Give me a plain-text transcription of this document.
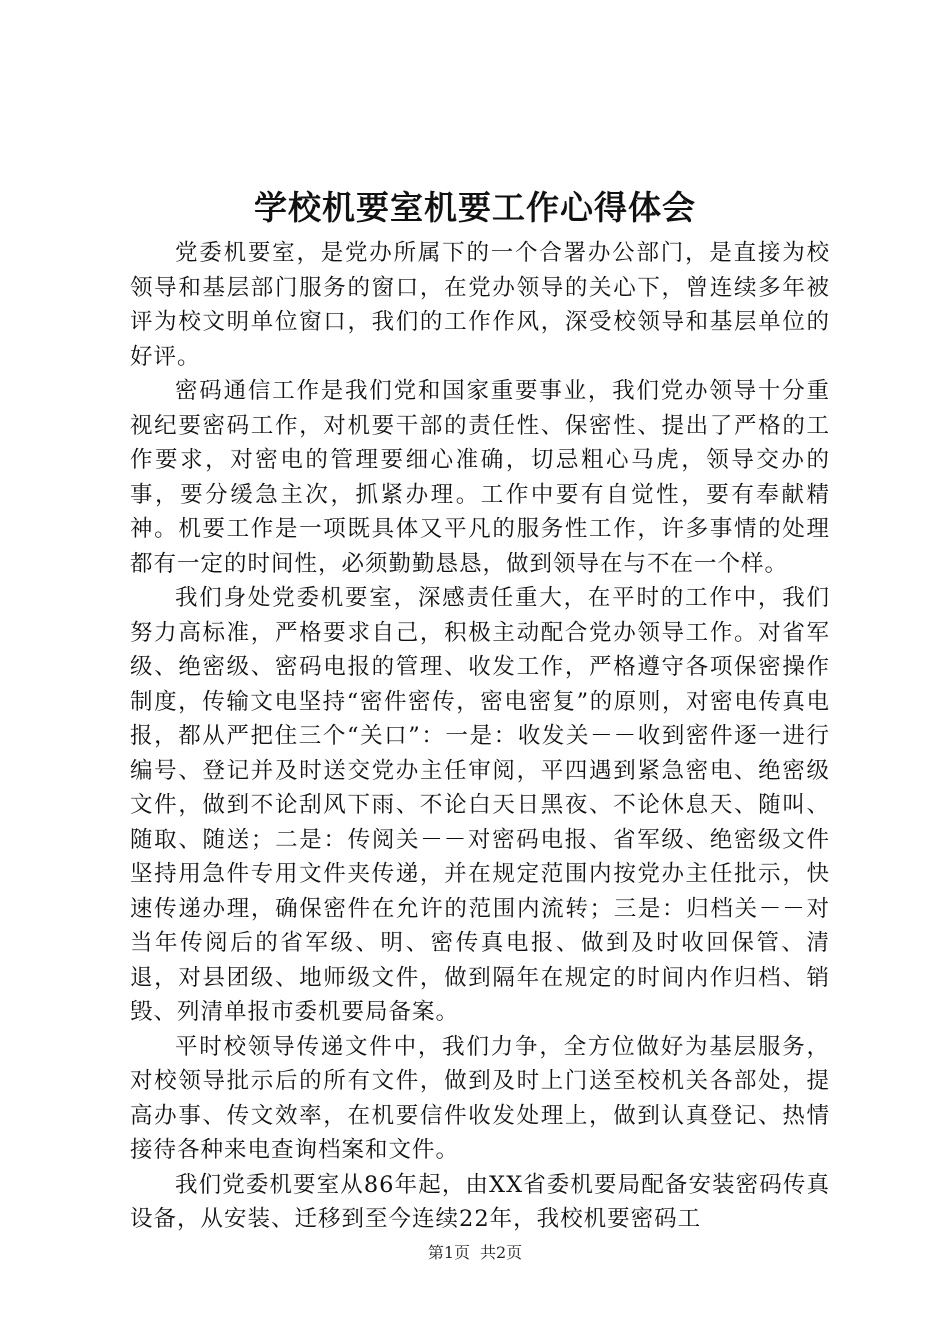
学校机要室机要工作心得体会

党委机要室，是党办所属下的一个合署办公部门，是直接为校领导和基层部门服务的窗口，在党办领导的关心下，曾连续多年被评为校文明单位窗口，我们的工作作风，深受校领导和基层单位的好评。

密码通信工作是我们党和国家重要事业，我们党办领导十分重视纪要密码工作，对机要干部的责任性、保密性、提出了严格的工作要求，对密电的管理要细心准确，切忌粗心马虎，领导交办的事，要分缓急主次，抓紧办理。工作中要有自觉性，要有奉献精神。机要工作是一项既具体又平凡的服务性工作，许多事情的处理都有一定的时间性，必须勤勤恳恳，做到领导在与不在一个样。

我们身处党委机要室，深感责任重大，在平时的工作中，我们努力高标准，严格要求自己，积极主动配合党办领导工作。对省军级、绝密级、密码电报的管理、收发工作，严格遵守各项保密操作制度，传输文电坚持“密件密传，密电密复”的原则，对密电传真电报，都从严把住三个“关口”：一是：收发关－－收到密件逐一进行编号、登记并及时送交党办主任审阅，平四遇到紧急密电、绝密级文件，做到不论刮风下雨、不论白天日黑夜、不论休息天、随叫、随取、随送；二是：传阅关－－对密码电报、省军级、绝密级文件坚持用急件专用文件夹传递，并在规定范围内按党办主任批示，快速传递办理，确保密件在允许的范围内流转；三是：归档关－－对当年传阅后的省军级、明、密传真电报、做到及时收回保管、清退，对县团级、地师级文件，做到隔年在规定的时间内作归档、销毁、列清单报市委机要局备案。

平时校领导传递文件中，我们力争，全方位做好为基层服务，对校领导批示后的所有文件，做到及时上门送至校机关各部处，提高办事、传文效率，在机要信件收发处理上，做到认真登记、热情接待各种来电查询档案和文件。

我们党委机要室从86年起，由XX省委机要局配备安装密码传真设备，从安装、迁移到至今连续22年，我校机要密码工

第1页 共2页
